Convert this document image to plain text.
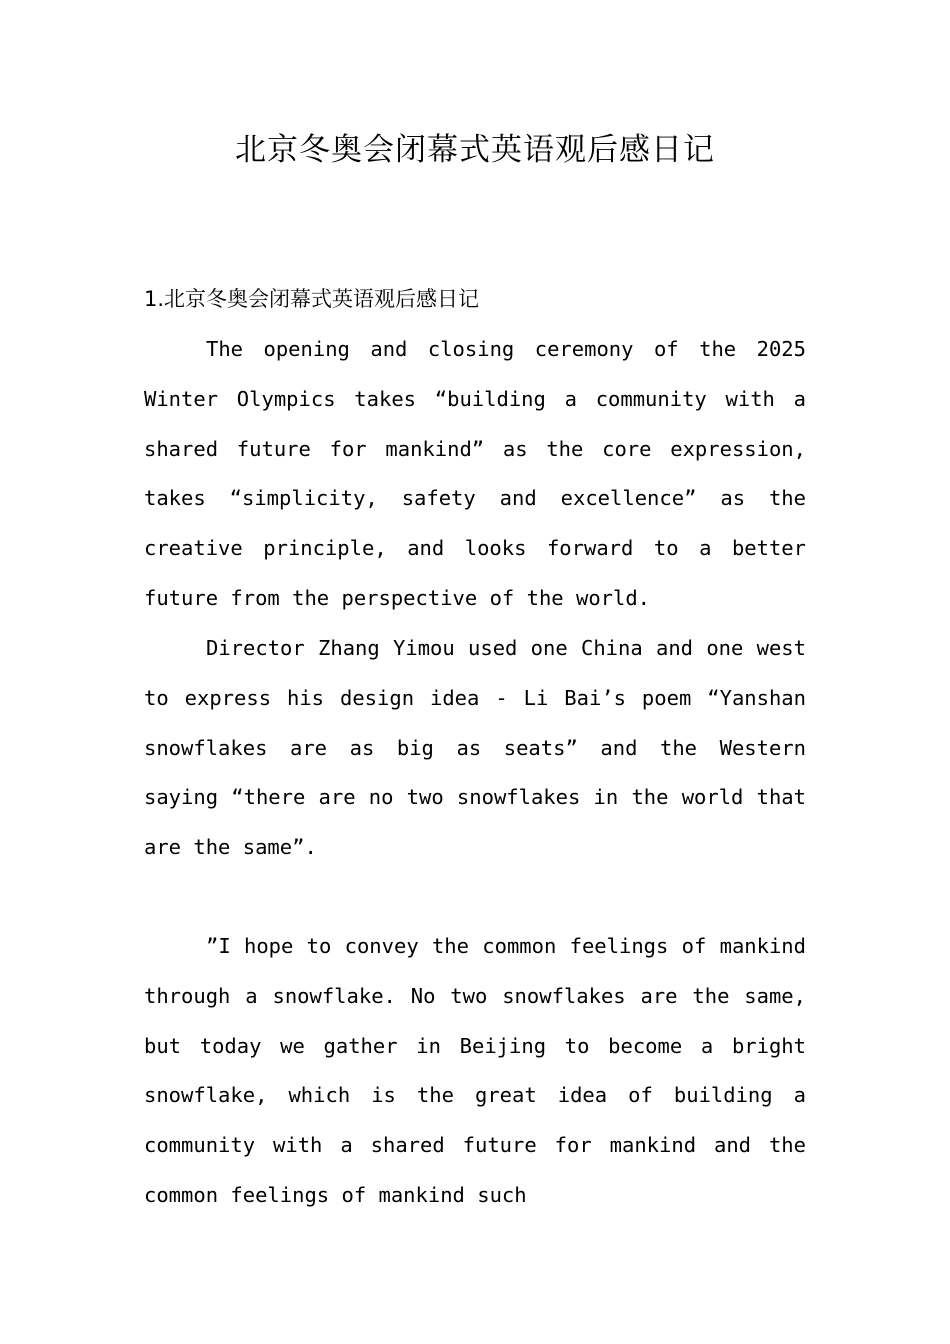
北京冬奥会闭幕式英语观后感日记
1.北京冬奥会闭幕式英语观后感日记

The opening and closing ceremony of the 2025 Winter Olympics takes “building a community with a shared future for mankind” as the core expression, takes “simplicity, safety and excellence” as the creative principle, and looks forward to a better future from the perspective of the world.

Director Zhang Yimou used one China and one west to express his design idea - Li Bai’s poem “Yanshan snowflakes are as big as seats” and the Western saying “there are no two snowflakes in the world that are the same”.

”I hope to convey the common feelings of mankind through a snowflake. No two snowflakes are the same, but today we gather in Beijing to become a bright snowflake, which is the great idea of building a community with a shared future for mankind and the common feelings of mankind such
